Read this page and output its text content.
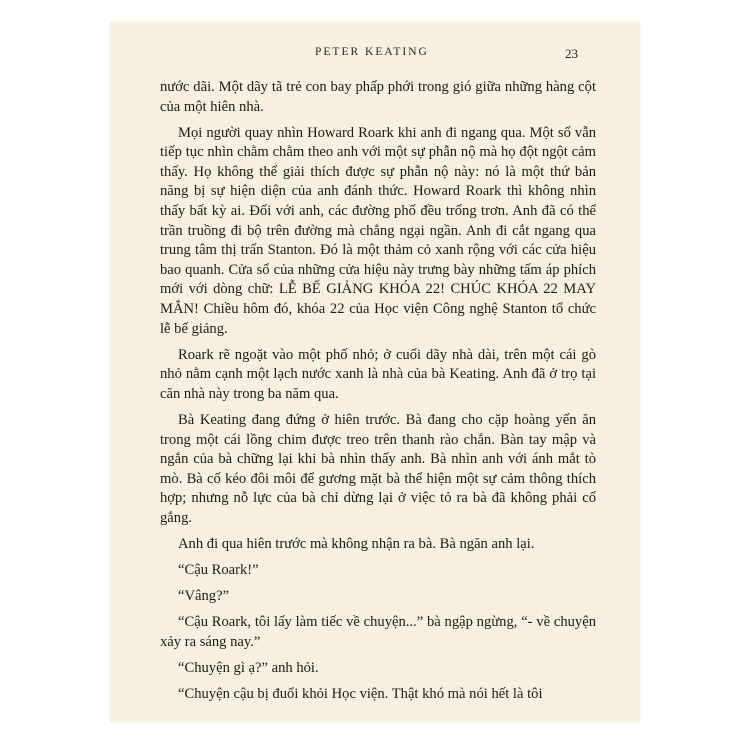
PETER KEATING	23

nước dãi. Một dãy tã trẻ con bay phấp phới trong gió giữa những hàng cột của một hiên nhà.

Mọi người quay nhìn Howard Roark khi anh đi ngang qua. Một số vẫn tiếp tục nhìn chằm chằm theo anh với một sự phẫn nộ mà họ đột ngột cảm thấy. Họ không thể giải thích được sự phẫn nộ này: nó là một thứ bản năng bị sự hiện diện của anh đánh thức. Howard Roark thì không nhìn thấy bất kỳ ai. Đối với anh, các đường phố đều trống trơn. Anh đã có thể trần truồng đi bộ trên đường mà chẳng ngại ngần. Anh đi cắt ngang qua trung tâm thị trấn Stanton. Đó là một thảm cỏ xanh rộng với các cửa hiệu bao quanh. Cửa sổ của những cửa hiệu này trưng bày những tấm áp phích mới với dòng chữ: LỄ BẾ GIẢNG KHÓA 22! CHÚC KHÓA 22 MAY MẮN! Chiều hôm đó, khóa 22 của Học viện Công nghệ Stanton tổ chức lễ bế giảng.

Roark rẽ ngoặt vào một phố nhỏ; ở cuối dãy nhà dài, trên một cái gò nhỏ nằm cạnh một lạch nước xanh là nhà của bà Keating. Anh đã ở trọ tại căn nhà này trong ba năm qua.

Bà Keating đang đứng ở hiên trước. Bà đang cho cặp hoàng yến ăn trong một cái lồng chim được treo trên thanh rào chắn. Bàn tay mập và ngắn của bà chững lại khi bà nhìn thấy anh. Bà nhìn anh với ánh mắt tò mò. Bà cố kéo đôi môi để gương mặt bà thể hiện một sự cảm thông thích hợp; nhưng nỗ lực của bà chỉ dừng lại ở việc tỏ ra bà đã không phải cố gắng.

Anh đi qua hiên trước mà không nhận ra bà. Bà ngăn anh lại.

“Cậu Roark!”

“Vâng?”

“Cậu Roark, tôi lấy làm tiếc về chuyện...” bà ngập ngừng, “- về chuyện xảy ra sáng nay.”

“Chuyện gì ạ?” anh hỏi.

“Chuyện cậu bị đuổi khỏi Học viện. Thật khó mà nói hết là tôi
